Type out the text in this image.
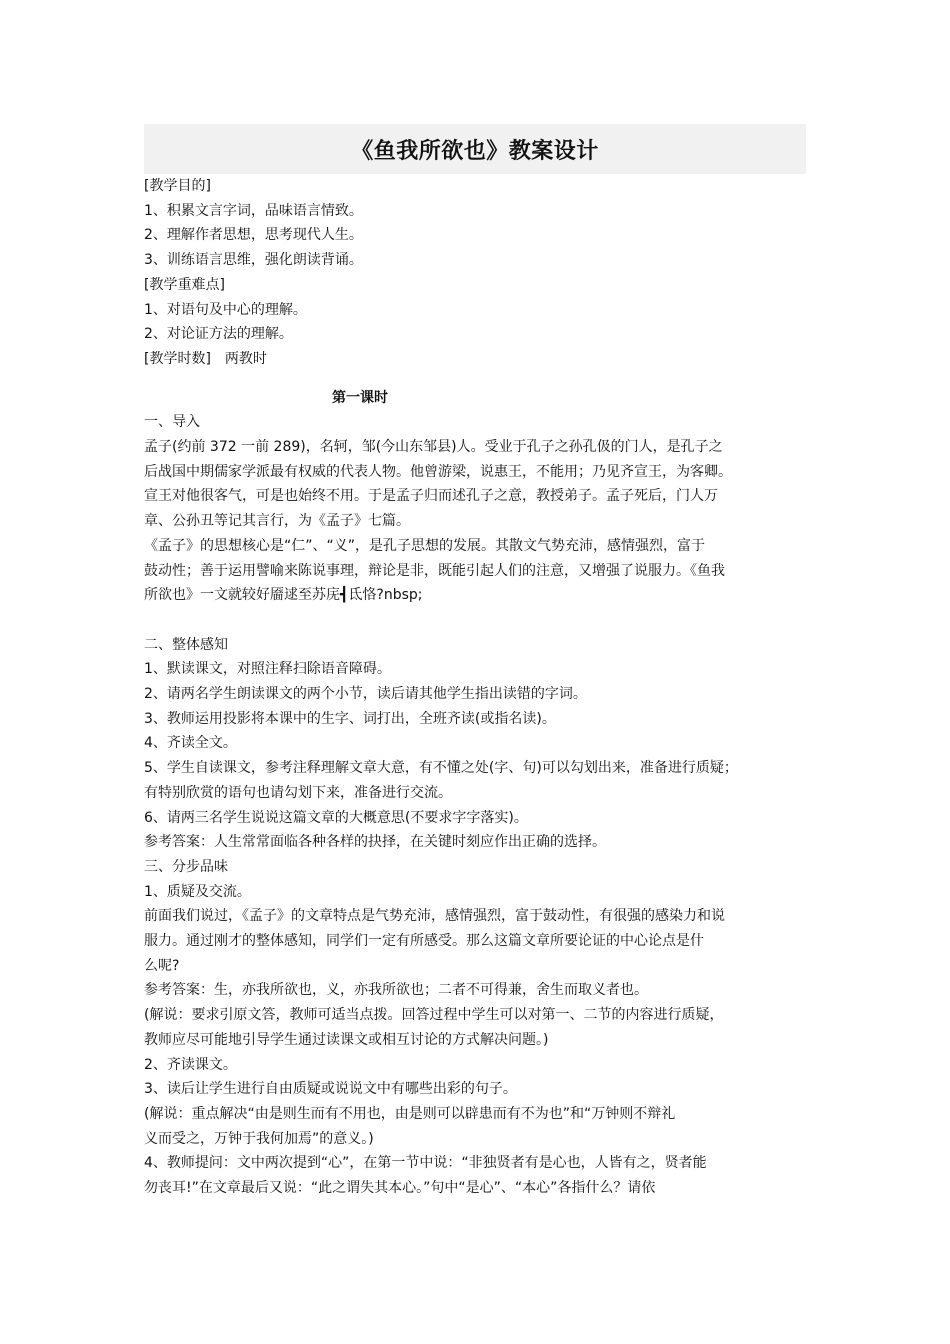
《鱼我所欲也》教案设计
[教学目的]
1、积累文言字词，品味语言情致。
2、理解作者思想，思考现代人生。
3、训练语言思维，强化朗读背诵。
[教学重难点]
1、对语句及中心的理解。
2、对论证方法的理解。
[教学时数]　两教时
第一课时
一、导入
孟子(约前 372 一前 289)，名轲，邹(今山东邹县)人。受业于孔子之孙孔伋的门人，是孔子之
后战国中期儒家学派最有权威的代表人物。他曾游梁，说惠王，不能用；乃见齐宣王，为客卿。
宣王对他很客气，可是也始终不用。于是孟子归而述孔子之意，教授弟子。孟子死后，门人万
章、公孙丑等记其言行，为《孟子》七篇。
《孟子》的思想核心是“仁”、“义”，是孔子思想的发展。其散文气势充沛，感情强烈，富于
鼓动性；善于运用譬喻来陈说事理，辩论是非，既能引起人们的注意，又增强了说服力。《鱼我
所欲也》一文就较好靥逑至苏庑┫氐恪?nbsp;
二、整体感知
1、默读课文，对照注释扫除语音障碍。
2、请两名学生朗读课文的两个小节，读后请其他学生指出读错的字词。
3、教师运用投影将本课中的生字、词打出，全班齐读(或指名读)。
4、齐读全文。
5、学生自读课文，参考注释理解文章大意，有不懂之处(字、句)可以勾划出来，准备进行质疑；
有特别欣赏的语句也请勾划下来，准备进行交流。
6、请两三名学生说说这篇文章的大概意思(不要求字字落实)。
参考答案：人生常常面临各种各样的抉择，在关键时刻应作出正确的选择。
三、分步品味
1、质疑及交流。
前面我们说过，《孟子》的文章特点是气势充沛，感情强烈，富于鼓动性，有很强的感染力和说
服力。通过刚才的整体感知，同学们一定有所感受。那么这篇文章所要论证的中心论点是什
么呢?
参考答案：生，亦我所欲也，义，亦我所欲也；二者不可得兼，舍生而取义者也。
(解说：要求引原文答，教师可适当点拨。回答过程中学生可以对第一、二节的内容进行质疑，
教师应尽可能地引导学生通过读课文或相互讨论的方式解决问题。)
2、齐读课文。
3、读后让学生进行自由质疑或说说文中有哪些出彩的句子。
(解说：重点解决“由是则生而有不用也，由是则可以辟患而有不为也”和“万钟则不辩礼
义而受之，万钟于我何加焉”的意义。)
4、教师提问：文中两次提到“心”，在第一节中说：“非独贤者有是心也，人皆有之，贤者能
勿丧耳!”在文章最后又说：“此之谓失其本心。”句中“是心”、“本心”各指什么？请依
